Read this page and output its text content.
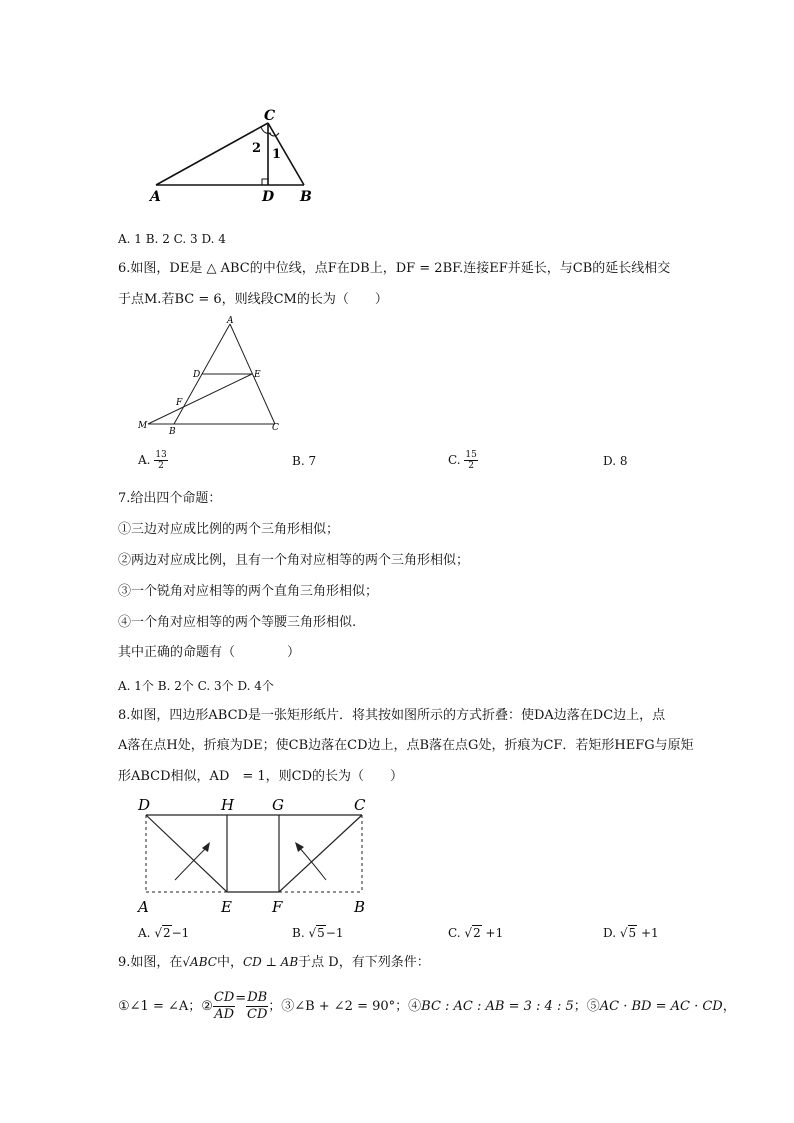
C
A	D B
2 1
A. 1 B. 2 C. 3 D. 4
6.如图，DE是 △ ABC的中位线，点F在DB上，DF = 2BF.连接EF并延长，与CB的延长线相交
于点M.若BC = 6，则线段CM的长为（　　）
A
D	E
F
M
B	C
A. $\frac{13}{2}$	B. 7	C. $\frac{15}{2}$	D. 8
7.给出四个命题：
①三边对应成比例的两个三角形相似；
②两边对应成比例，且有一个角对应相等的两个三角形相似；
③一个锐角对应相等的两个直角三角形相似；
④一个角对应相等的两个等腰三角形相似.
其中正确的命题有（　　　　）
A. 1个 B. 2个 C. 3个 D. 4个
8.如图，四边形ABCD是一张矩形纸片．将其按如图所示的方式折叠：使DA边落在DC边上，点
A落在点H处，折痕为DE；使CB边落在CD边上，点B落在点G处，折痕为CF．若矩形HEFG与原矩
形ABCD相似，AD　= 1，则CD的长为（　　）
D	H	G	C
A	E	F	B
A. √2−1	B. √5−1	C. √2 +1	D. √5 +1
9.如图，在√ABC中，CD ⊥ AB于点 D，有下列条件：
①∠1 = ∠A；② $\frac{CD}{AD} = \frac{DB}{CD}$ ；③∠B + ∠2 = 90°；④BC : AC : AB = 3 : 4 : 5；⑤AC · BD = AC · CD，
